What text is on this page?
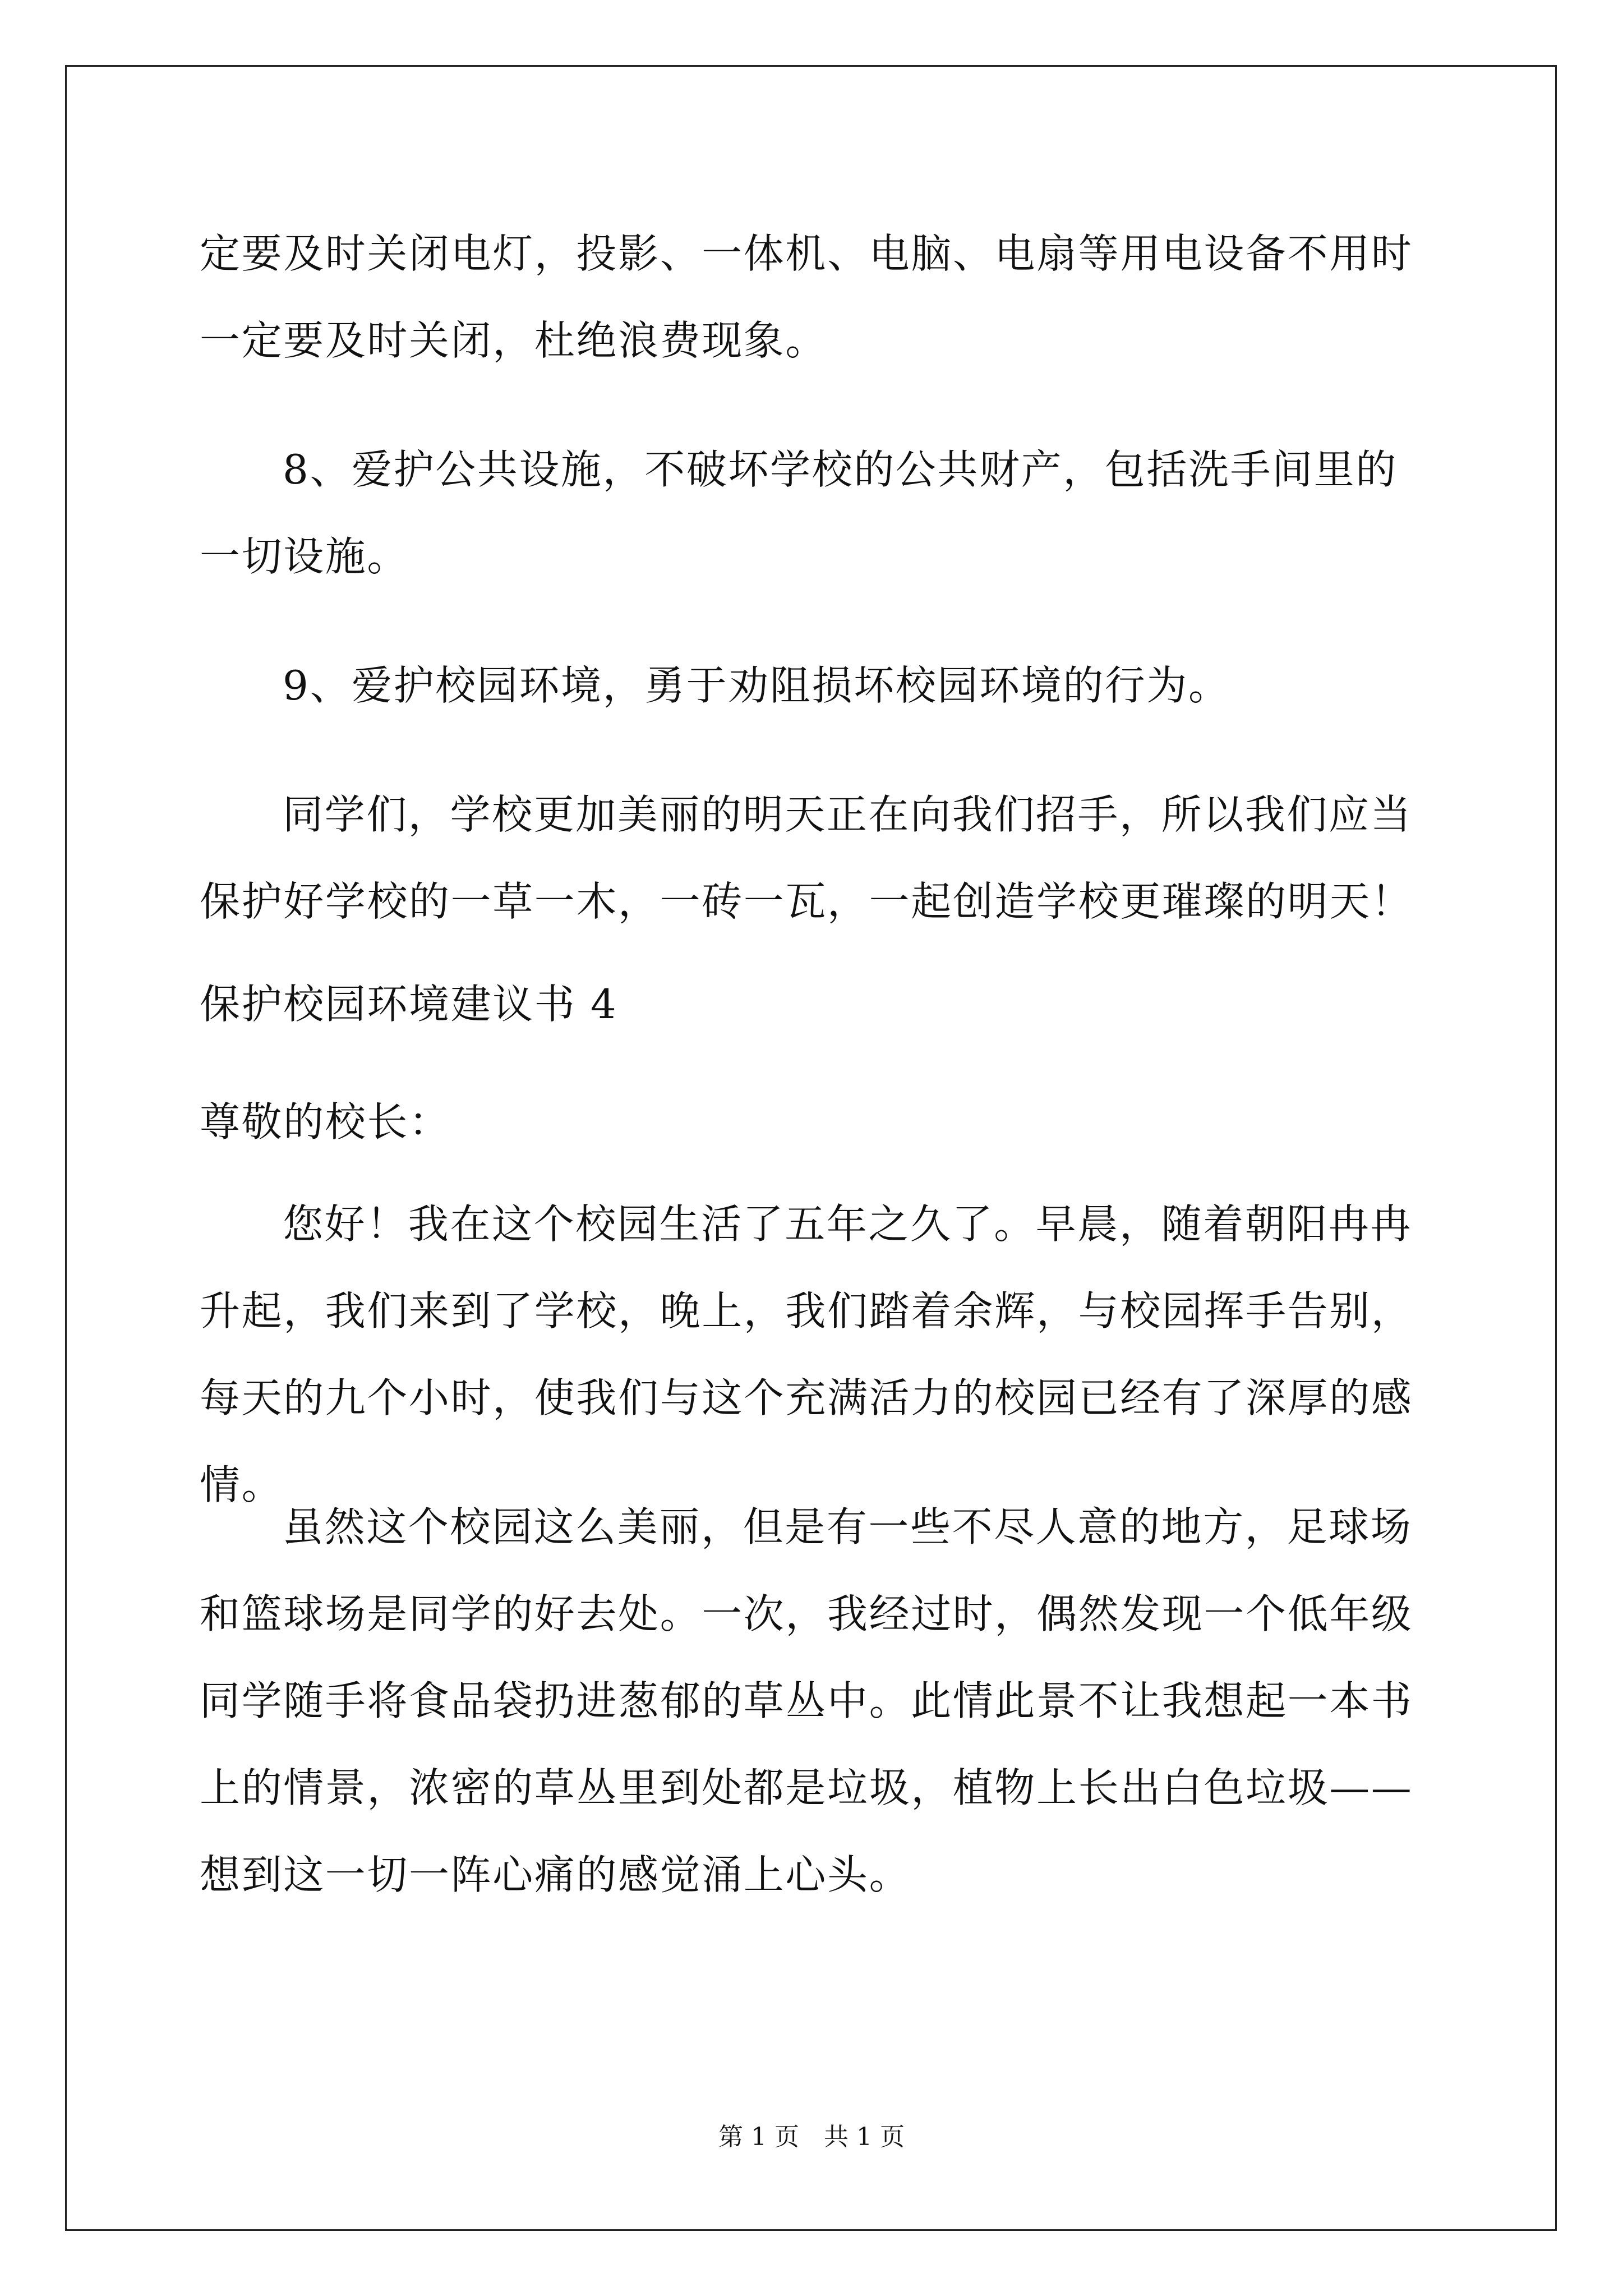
定要及时关闭电灯，投影、一体机、电脑、电扇等用电设备不用时一定要及时关闭，杜绝浪费现象。

8、爱护公共设施，不破坏学校的公共财产，包括洗手间里的一切设施。

9、爱护校园环境，勇于劝阻损坏校园环境的行为。

同学们，学校更加美丽的明天正在向我们招手，所以我们应当保护好学校的一草一木，一砖一瓦，一起创造学校更璀璨的明天！

保护校园环境建议书 4

尊敬的校长：

您好！我在这个校园生活了五年之久了。早晨，随着朝阳冉冉升起，我们来到了学校，晚上，我们踏着余辉，与校园挥手告别，每天的九个小时，使我们与这个充满活力的校园已经有了深厚的感情。

虽然这个校园这么美丽，但是有一些不尽人意的地方，足球场和篮球场是同学的好去处。一次，我经过时，偶然发现一个低年级同学随手将食品袋扔进葱郁的草丛中。此情此景不让我想起一本书上的情景，浓密的草丛里到处都是垃圾，植物上长出白色垃圾——想到这一切一阵心痛的感觉涌上心头。

第 1 页　共 1 页
